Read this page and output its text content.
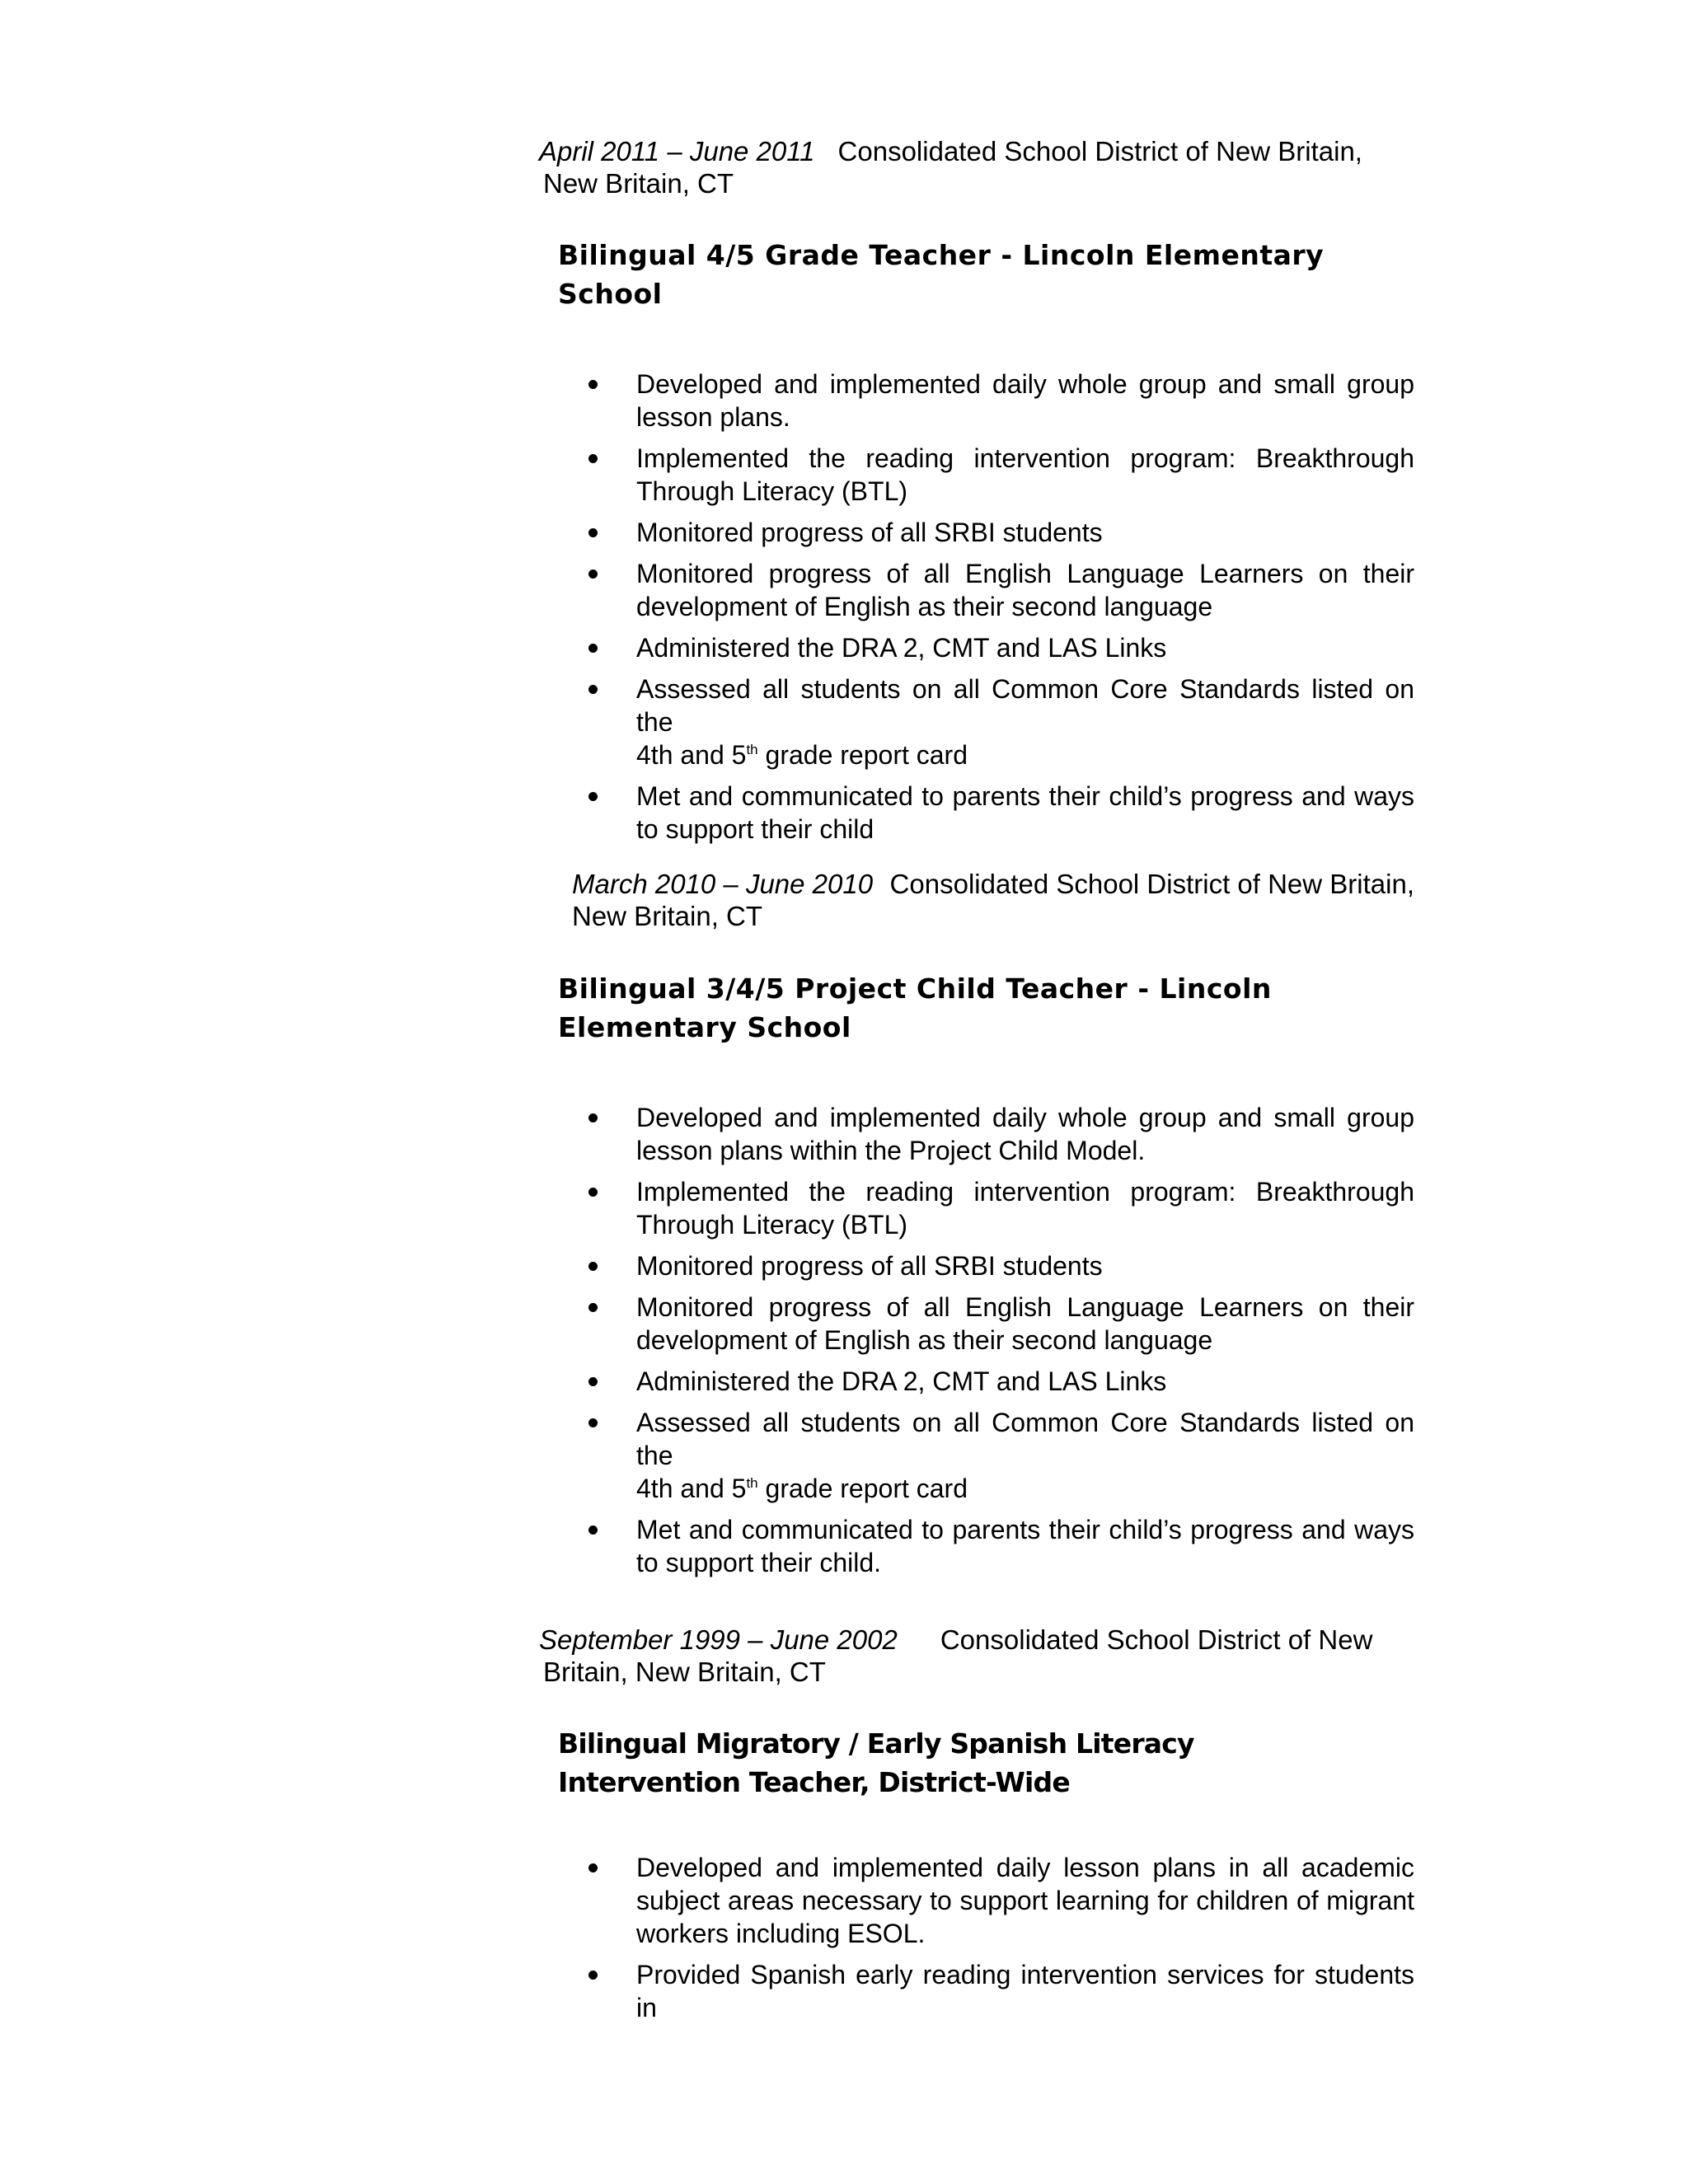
April 2011 – June 2011 Consolidated School District of New Britain,
New Britain, CT
Bilingual 4/5 Grade Teacher - Lincoln Elementary School
Developed and implemented daily whole group and small group lesson plans.
Implemented the reading intervention program: Breakthrough Through Literacy (BTL)
Monitored progress of all SRBI students
Monitored progress of all English Language Learners on their development of English as their second language
Administered the DRA 2, CMT and LAS Links
Assessed all students on all Common Core Standards listed on the
4th and 5th grade report card
Met and communicated to parents their child’s progress and ways to support their child
March 2010 – June 2010 Consolidated School District of New Britain,
New Britain, CT
Bilingual 3/4/5 Project Child Teacher - Lincoln Elementary School
Developed and implemented daily whole group and small group lesson plans within the Project Child Model.
Implemented the reading intervention program: Breakthrough Through Literacy (BTL)
Monitored progress of all SRBI students
Monitored progress of all English Language Learners on their development of English as their second language
Administered the DRA 2, CMT and LAS Links
Assessed all students on all Common Core Standards listed on the
4th and 5th grade report card
Met and communicated to parents their child’s progress and ways to support their child.
September 1999 – June 2002 Consolidated School District of New
Britain, New Britain, CT
Bilingual Migratory / Early Spanish Literacy Intervention Teacher, District-Wide
Developed and implemented daily lesson plans in all academic subject areas necessary to support learning for children of migrant workers including ESOL.
Provided Spanish early reading intervention services for students in
